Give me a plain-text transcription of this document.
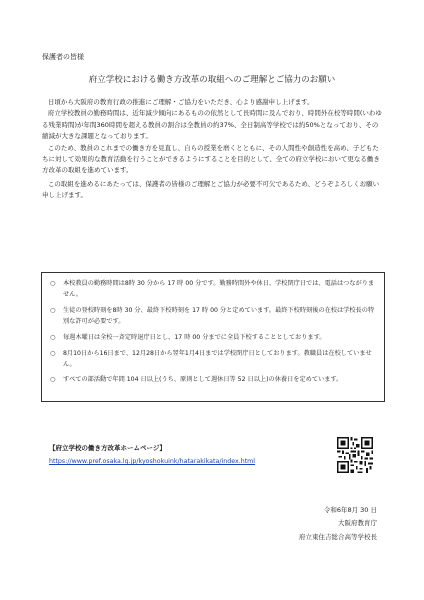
保護者の皆様
府立学校における働き方改革の取組へのご理解とご協力のお願い

日頃から大阪府の教育行政の推進にご理解・ご協力をいただき、心より感謝申し上げます。

府立学校教員の勤務時間は、近年減少傾向にあるものの依然として長時間に及んでおり、時間外在校等時間(いわゆる残業時間)が年間360時間を超える教員の割合は全教員の約37%、全日制高等学校では約50%となっており、その縮減が大きな課題となっております。

このため、教員のこれまでの働き方を見直し、自らの授業を磨くとともに、その人間性や創造性を高め、子どもたちに対して効果的な教育活動を行うことができるようにすることを目的として、全ての府立学校において更なる働き方改革の取組を進めています。

この取組を進めるにあたっては、保護者の皆様のご理解とご協力が必要不可欠であるため、どうぞよろしくお願い申し上げます。

○	本校教員の勤務時間は8時 30 分から 17 時 00 分です。勤務時間外や休日、学校閉庁日では、電話はつながりません。
○	生徒の登校時刻を8時 30 分、最終下校時刻を 17 時 00 分と定めています。最終下校時刻後の在校は学校長の特別な許可が必要です。
○	毎週木曜日は全校一斉定時退庁日とし、17 時 00 分までに全員下校することとしております。
○	8月10日から16日まで、12月28日から翌年1月4日までは学校閉庁日としております。教職員は在校していません。
○	すべての部活動で年間 104 日以上(うち、原則として週休日等 52 日以上)の休養日を定めています。
【府立学校の働き方改革ホームページ】
https://www.pref.osaka.lg.jp/kyoshokuink/hatarakikata/index.html
令和6年8月 30 日
大阪府教育庁
府立東住吉総合高等学校長
